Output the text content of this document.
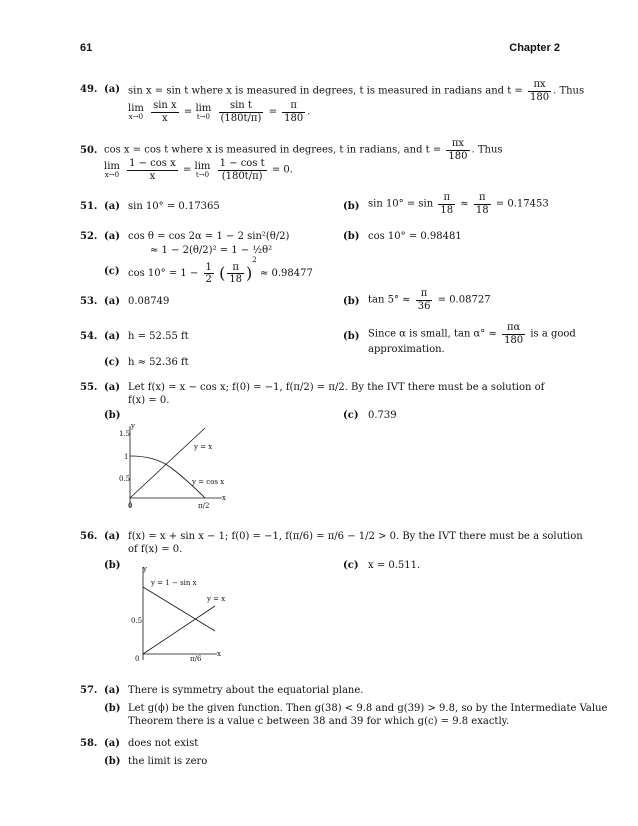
61	Chapter 2
49. (a) sin x = sin t where x is measured in degrees, t is measured in radians and $t = \frac{\pi x}{180}$ . Thus
lim
x→0
$\frac{\text{sin x}}{x} = \lim$
t→0
$\frac{\text{sin t}}{(180t/\pi)} = \frac{\pi}{180}$ .
50. cos x = cos t where x is measured in degrees, t in radians, and $t = \frac{\pi x}{180}$ . Thus
lim
x→0
$\frac{\text{1 − cos x}}{x} = \lim$
t→0
$\frac{\text{1 − cos t}}{(180t/\pi)} = 0$.
51. (a) sin 10° = 0.17365	(b) $\sin 10^\circ = \sin \frac{\pi}{18} \approx \frac{\pi}{18} = 0.17453$
52. (a) cos θ = cos 2α = 1 − 2 sin²(θ/2)
≈ 1 − 2(θ/2)² = 1 − ½θ²
(b) cos 10° = 0.98481
(c) $\cos 10^\circ = 1 - \frac{1}{2}$ ( $\frac{\pi}{18} )^2 \approx 0.98477$
53. (a) 0.08749	(b) $\tan 5^\circ \approx \frac{\pi}{36} = 0.08727$
54. (a) h = 52.55 ft	(b) Since α is small, $\tan \alpha^\circ \approx \frac{\pi\alpha}{180}$ is a good
approximation.
(c) h ≈ 52.36 ft
55. (a) Let f(x) = x − cos x; f(0) = −1, f(π/2) = π/2. By the IVT there must be a solution of
f(x) = 0.
(b)	(c) 0.739
y
x
1.5
1
0.5
0	π/2
y = x
y = cos x
56. (a) f(x) = x + sin x − 1; f(0) = −1, f(π/6) = π/6 − 1/2 > 0. By the IVT there must be a solution
of f(x) = 0.
(b)	(c) x = 0.511.
y
x
0.5
0	π/6
y = 1 − sin x
y = x
57. (a) There is symmetry about the equatorial plane.
(b) Let g(ϕ) be the given function. Then g(38) < 9.8 and g(39) > 9.8, so by the Intermediate Value
Theorem there is a value c between 38 and 39 for which g(c) = 9.8 exactly.
58. (a) does not exist
(b) the limit is zero
